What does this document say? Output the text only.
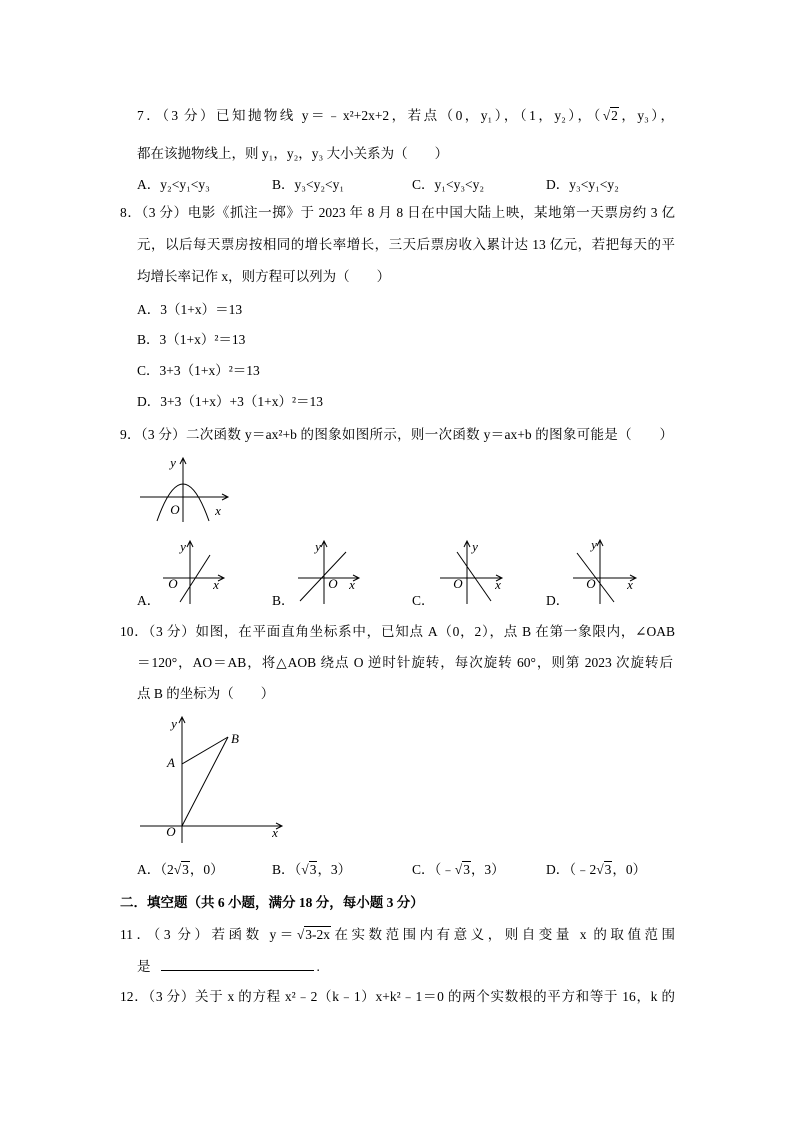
7．（3 分）已知抛物线 y＝﹣x²+2x+2，若点（0，y₁），（1，y₂），（√2，y₃），
都在该抛物线上，则 y₁，y₂，y₃ 大小关系为（　　）
A．y₂<y₁<y₃	B．y₃<y₂<y₁	C．y₁<y₃<y₂	D．y₃<y₁<y₂
8．（3 分）电影《抓注一掷》于 2023 年 8 月 8 日在中国大陆上映，某地第一天票房约 3 亿
元，以后每天票房按相同的增长率增长，三天后票房收入累计达 13 亿元，若把每天的平
均增长率记作 x，则方程可以列为（　　）
A．3（1+x）＝13
B．3（1+x）²＝13
C．3+3（1+x）²＝13
D．3+3（1+x）+3（1+x）²＝13
9．（3 分）二次函数 y＝ax²+b 的图象如图所示，则一次函数 y＝ax+b 的图象可能是（　　）
A．	B．	C．	D．
10．（3 分）如图，在平面直角坐标系中，已知点 A（0，2），点 B 在第一象限内，∠OAB
＝120°，AO＝AB，将△AOB 绕点 O 逆时针旋转，每次旋转 60°，则第 2023 次旋转后
点 B 的坐标为（　　）
A．（2√3，0）	B．（√3，3）	C．（﹣√3，3）	D．（﹣2√3，0）
二．填空题（共 6 小题，满分 18 分，每小题 3 分）
11．（3 分）若函数 y＝√3-2x在实数范围内有意义，则自变量 x 的取值范围
是	.
12．（3 分）关于 x 的方程 x²﹣2（k﹣1）x+k²﹣1＝0 的两个实数根的平方和等于 16，k 的
y
O	x
y
O	x
y
O x
y
O x
y
O x
y
A
B
O	x
